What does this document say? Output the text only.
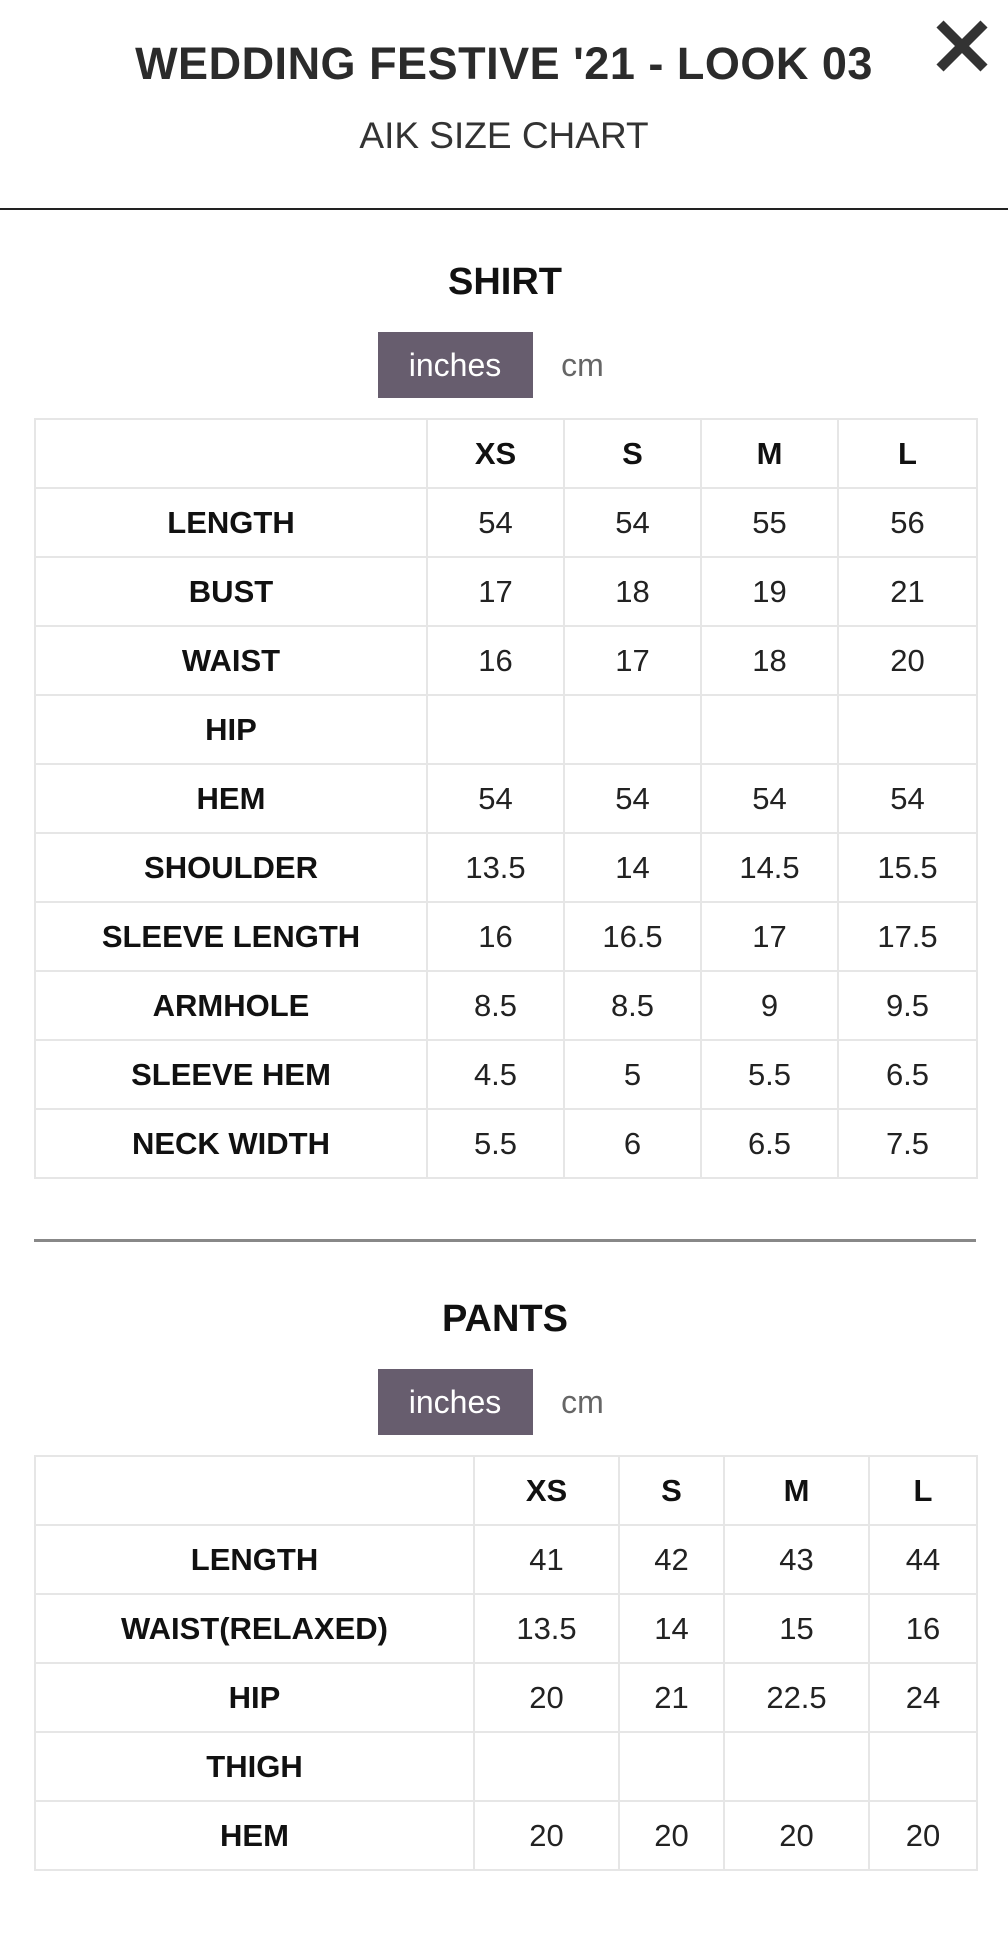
WEDDING FESTIVE '21 - LOOK 03
AIK SIZE CHART
SHIRT
inches	cm
	XS	S	M	L
LENGTH	54	54	55	56
BUST	17	18	19	21
WAIST	16	17	18	20
HIP				
HEM	54	54	54	54
SHOULDER	13.5	14	14.5	15.5
SLEEVE LENGTH	16	16.5	17	17.5
ARMHOLE	8.5	8.5	9	9.5
SLEEVE HEM	4.5	5	5.5	6.5
NECK WIDTH	5.5	6	6.5	7.5
PANTS
inches	cm
	XS	S	M	L
LENGTH	41	42	43	44
WAIST(RELAXED)	13.5	14	15	16
HIP	20	21	22.5	24
THIGH				
HEM	20	20	20	20
